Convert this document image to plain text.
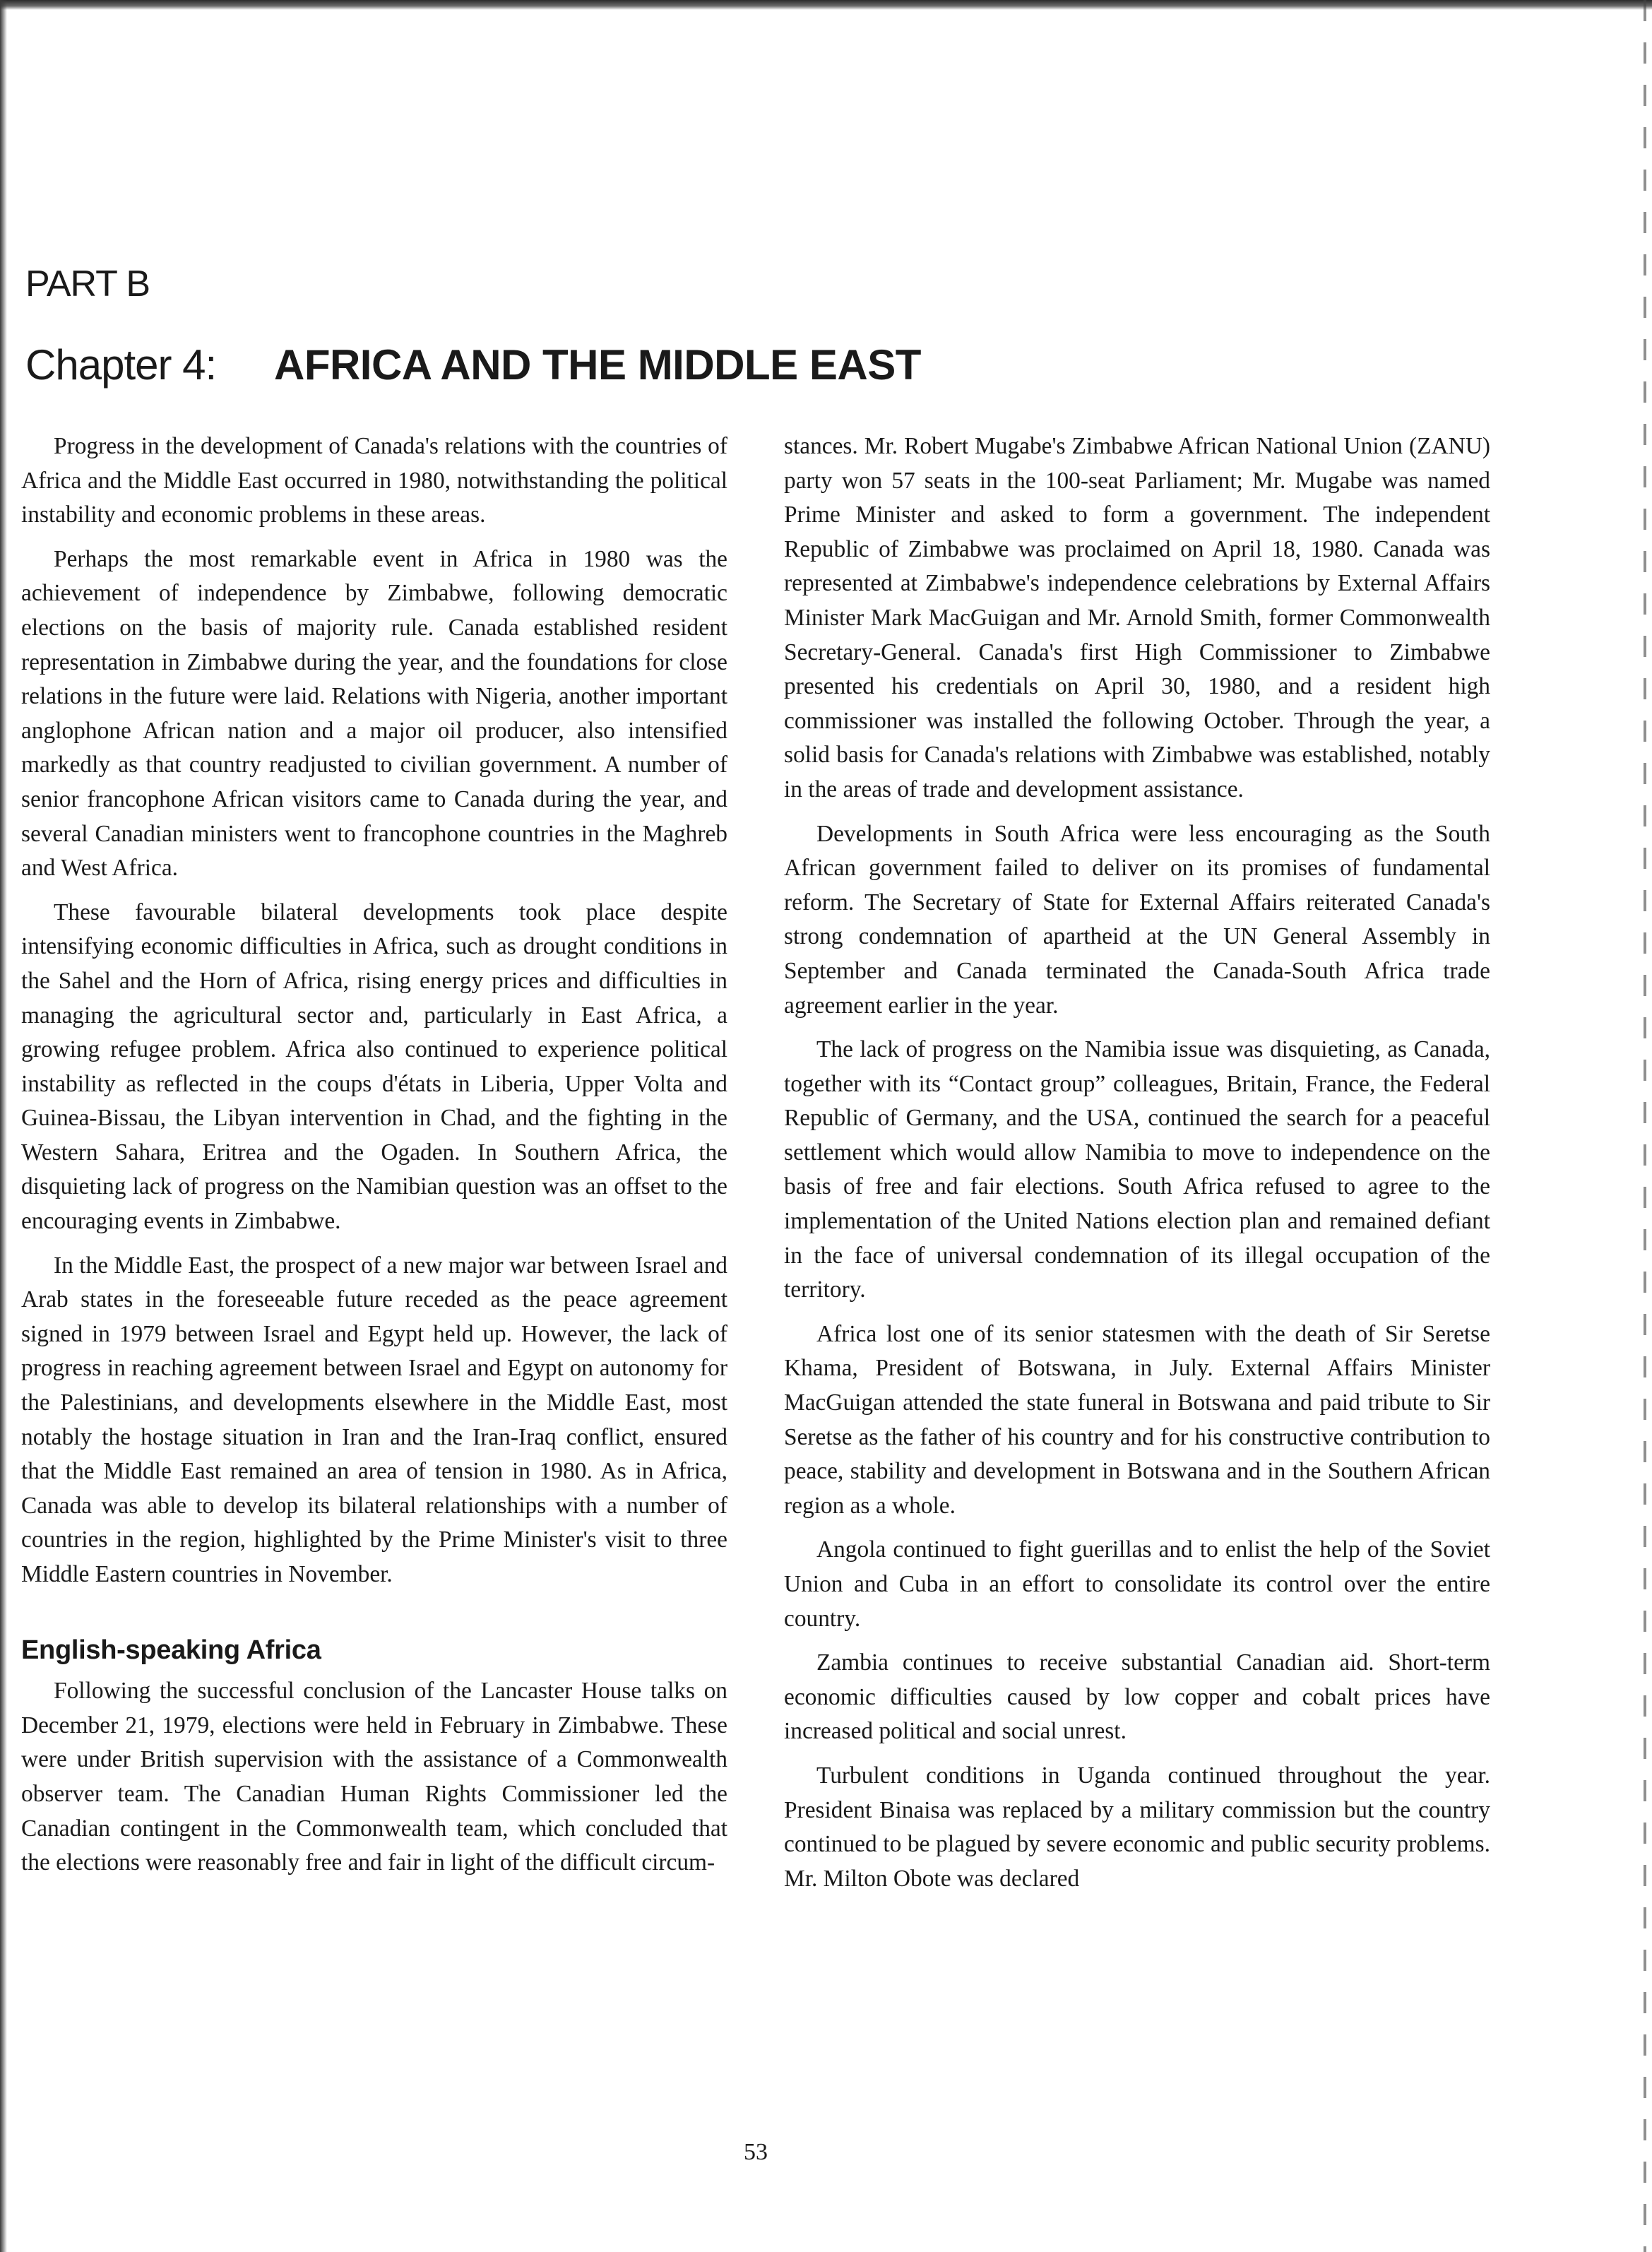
PART B
Chapter 4: AFRICA AND THE MIDDLE EAST

Progress in the development of Canada's relations with the countries of Africa and the Middle East occurred in 1980, notwithstanding the political instability and economic problems in these areas.

Perhaps the most remarkable event in Africa in 1980 was the achievement of independence by Zimbabwe, following democratic elections on the basis of majority rule. Canada established resident representation in Zimbabwe during the year, and the foundations for close relations in the future were laid. Relations with Nigeria, another important anglophone African nation and a major oil producer, also intensified markedly as that country readjusted to civilian government. A number of senior francophone African visitors came to Canada during the year, and several Canadian ministers went to francophone countries in the Maghreb and West Africa.

These favourable bilateral developments took place despite intensifying economic difficulties in Africa, such as drought conditions in the Sahel and the Horn of Africa, rising energy prices and difficulties in managing the agricultural sector and, particularly in East Africa, a growing refugee problem. Africa also continued to experience political instability as reflected in the coups d'états in Liberia, Upper Volta and Guinea-Bissau, the Libyan intervention in Chad, and the fighting in the Western Sahara, Eritrea and the Ogaden. In Southern Africa, the disquieting lack of progress on the Namibian question was an offset to the encouraging events in Zimbabwe.

In the Middle East, the prospect of a new major war between Israel and Arab states in the foreseeable future receded as the peace agreement signed in 1979 between Israel and Egypt held up. However, the lack of progress in reaching agreement between Israel and Egypt on autonomy for the Palestinians, and developments elsewhere in the Middle East, most notably the hostage situation in Iran and the Iran-Iraq conflict, ensured that the Middle East remained an area of tension in 1980. As in Africa, Canada was able to develop its bilateral relationships with a number of countries in the region, highlighted by the Prime Minister's visit to three Middle Eastern countries in November.

English-speaking Africa

Following the successful conclusion of the Lancaster House talks on December 21, 1979, elections were held in February in Zimbabwe. These were under British supervision with the assistance of a Commonwealth observer team. The Canadian Human Rights Commissioner led the Canadian contingent in the Commonwealth team, which concluded that the elections were reasonably free and fair in light of the difficult circum-

stances. Mr. Robert Mugabe's Zimbabwe African National Union (ZANU) party won 57 seats in the 100-seat Parliament; Mr. Mugabe was named Prime Minister and asked to form a government. The independent Republic of Zimbabwe was proclaimed on April 18, 1980. Canada was represented at Zimbabwe's independence celebrations by External Affairs Minister Mark MacGuigan and Mr. Arnold Smith, former Commonwealth Secretary-General. Canada's first High Commissioner to Zimbabwe presented his credentials on April 30, 1980, and a resident high commissioner was installed the following October. Through the year, a solid basis for Canada's relations with Zimbabwe was established, notably in the areas of trade and development assistance.

Developments in South Africa were less encouraging as the South African government failed to deliver on its promises of fundamental reform. The Secretary of State for External Affairs reiterated Canada's strong condemnation of apartheid at the UN General Assembly in September and Canada terminated the Canada-South Africa trade agreement earlier in the year.

The lack of progress on the Namibia issue was disquieting, as Canada, together with its “Contact group” colleagues, Britain, France, the Federal Republic of Germany, and the USA, continued the search for a peaceful settlement which would allow Namibia to move to independence on the basis of free and fair elections. South Africa refused to agree to the implementation of the United Nations election plan and remained defiant in the face of universal condemnation of its illegal occupation of the territory.

Africa lost one of its senior statesmen with the death of Sir Seretse Khama, President of Botswana, in July. External Affairs Minister MacGuigan attended the state funeral in Botswana and paid tribute to Sir Seretse as the father of his country and for his constructive contribution to peace, stability and development in Botswana and in the Southern African region as a whole.

Angola continued to fight guerillas and to enlist the help of the Soviet Union and Cuba in an effort to consolidate its control over the entire country.

Zambia continues to receive substantial Canadian aid. Short-term economic difficulties caused by low copper and cobalt prices have increased political and social unrest.

Turbulent conditions in Uganda continued throughout the year. President Binaisa was replaced by a military commission but the country continued to be plagued by severe economic and public security problems. Mr. Milton Obote was declared

53
